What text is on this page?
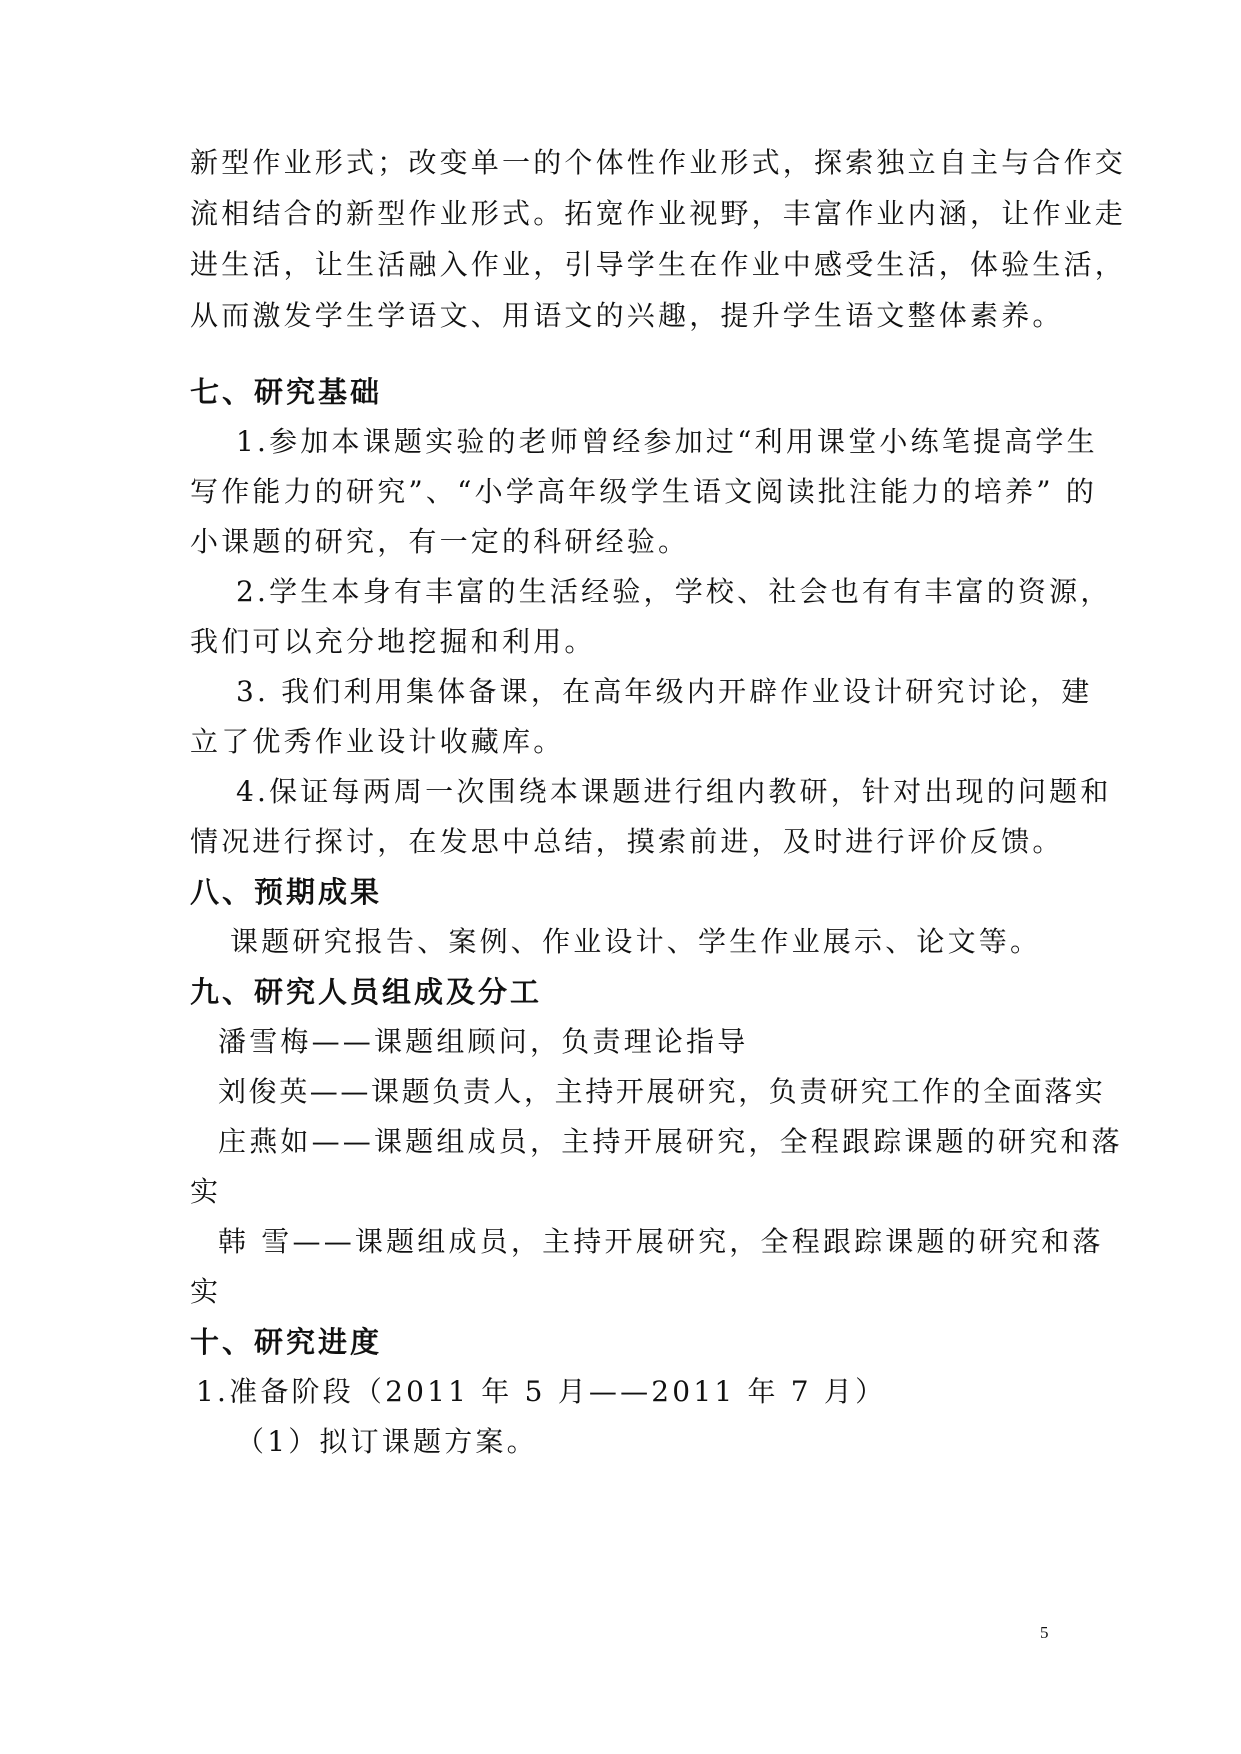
新型作业形式；改变单一的个体性作业形式，探索独立自主与合作交

流相结合的新型作业形式。拓宽作业视野，丰富作业内涵，让作业走

进生活，让生活融入作业，引导学生在作业中感受生活，体验生活，

从而激发学生学语文、用语文的兴趣，提升学生语文整体素养。

七、研究基础

1.参加本课题实验的老师曾经参加过“利用课堂小练笔提高学生

写作能力的研究”、“小学高年级学生语文阅读批注能力的培养” 的

小课题的研究，有一定的科研经验。

2.学生本身有丰富的生活经验，学校、社会也有有丰富的资源，

我们可以充分地挖掘和利用。

3. 我们利用集体备课，在高年级内开辟作业设计研究讨论，建

立了优秀作业设计收藏库。

4.保证每两周一次围绕本课题进行组内教研，针对出现的问题和

情况进行探讨，在发思中总结，摸索前进，及时进行评价反馈。

八、预期成果

课题研究报告、案例、作业设计、学生作业展示、论文等。

九、研究人员组成及分工

潘雪梅——课题组顾问，负责理论指导

刘俊英——课题负责人，主持开展研究，负责研究工作的全面落实

庄燕如——课题组成员，主持开展研究，全程跟踪课题的研究和落

实

韩 雪——课题组成员，主持开展研究，全程跟踪课题的研究和落

实

十、研究进度

1.准备阶段（2011 年 5 月——2011 年 7 月）

（1）拟订课题方案。

5
